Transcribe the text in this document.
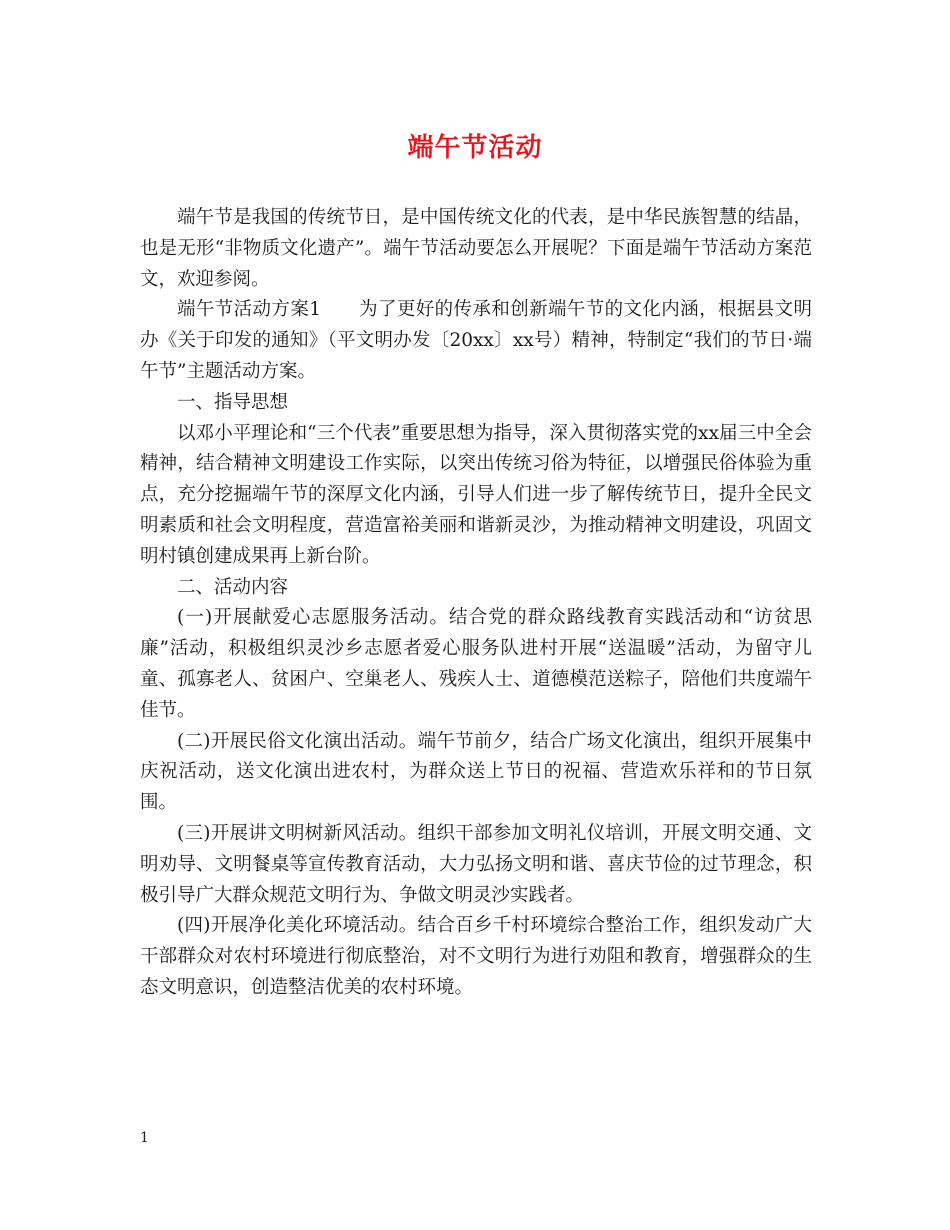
端午节活动

端午节是我国的传统节日，是中国传统文化的代表，是中华民族智慧的结晶，也是无形“非物质文化遗产”。端午节活动要怎么开展呢？下面是端午节活动方案范文，欢迎参阅。

端午节活动方案1　　为了更好的传承和创新端午节的文化内涵，根据县文明办《关于印发的通知》（平文明办发〔20xx〕xx号）精神，特制定“我们的节日·端午节”主题活动方案。

一、指导思想

以邓小平理论和“三个代表”重要思想为指导，深入贯彻落实党的xx届三中全会精神，结合精神文明建设工作实际，以突出传统习俗为特征，以增强民俗体验为重点，充分挖掘端午节的深厚文化内涵，引导人们进一步了解传统节日，提升全民文明素质和社会文明程度，营造富裕美丽和谐新灵沙，为推动精神文明建设，巩固文明村镇创建成果再上新台阶。

二、活动内容

(一)开展献爱心志愿服务活动。结合党的群众路线教育实践活动和“访贫思廉”活动，积极组织灵沙乡志愿者爱心服务队进村开展“送温暖”活动，为留守儿童、孤寡老人、贫困户、空巢老人、残疾人士、道德模范送粽子，陪他们共度端午佳节。

(二)开展民俗文化演出活动。端午节前夕，结合广场文化演出，组织开展集中庆祝活动，送文化演出进农村，为群众送上节日的祝福、营造欢乐祥和的节日氛围。

(三)开展讲文明树新风活动。组织干部参加文明礼仪培训，开展文明交通、文明劝导、文明餐桌等宣传教育活动，大力弘扬文明和谐、喜庆节俭的过节理念，积极引导广大群众规范文明行为、争做文明灵沙实践者。

(四)开展净化美化环境活动。结合百乡千村环境综合整治工作，组织发动广大干部群众对农村环境进行彻底整治，对不文明行为进行劝阻和教育，增强群众的生态文明意识，创造整洁优美的农村环境。

1
